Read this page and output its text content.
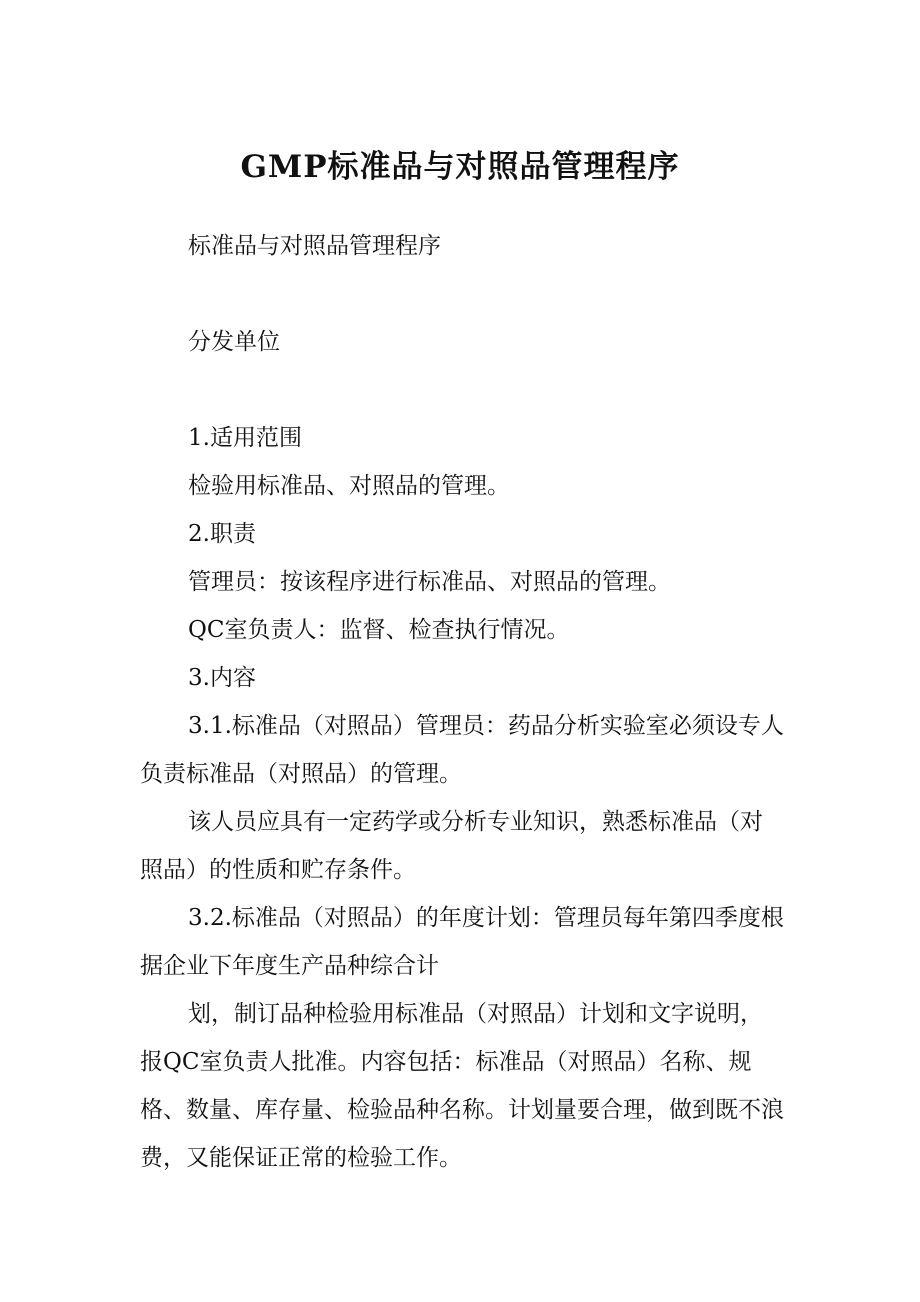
GMP标准品与对照品管理程序

标准品与对照品管理程序

分发单位

1.适用范围

检验用标准品、对照品的管理。

2.职责

管理员：按该程序进行标准品、对照品的管理。

QC室负责人：监督、检查执行情况。

3.内容

3.1.标准品（对照品）管理员：药品分析实验室必须设专人负责标准品（对照品）的管理。

该人员应具有一定药学或分析专业知识，熟悉标准品（对照品）的性质和贮存条件。

3.2.标准品（对照品）的年度计划：管理员每年第四季度根据企业下年度生产品种综合计

划，制订品种检验用标准品（对照品）计划和文字说明，报QC室负责人批准。内容包括：标准品（对照品）名称、规格、数量、库存量、检验品种名称。计划量要合理，做到既不浪费，又能保证正常的检验工作。
